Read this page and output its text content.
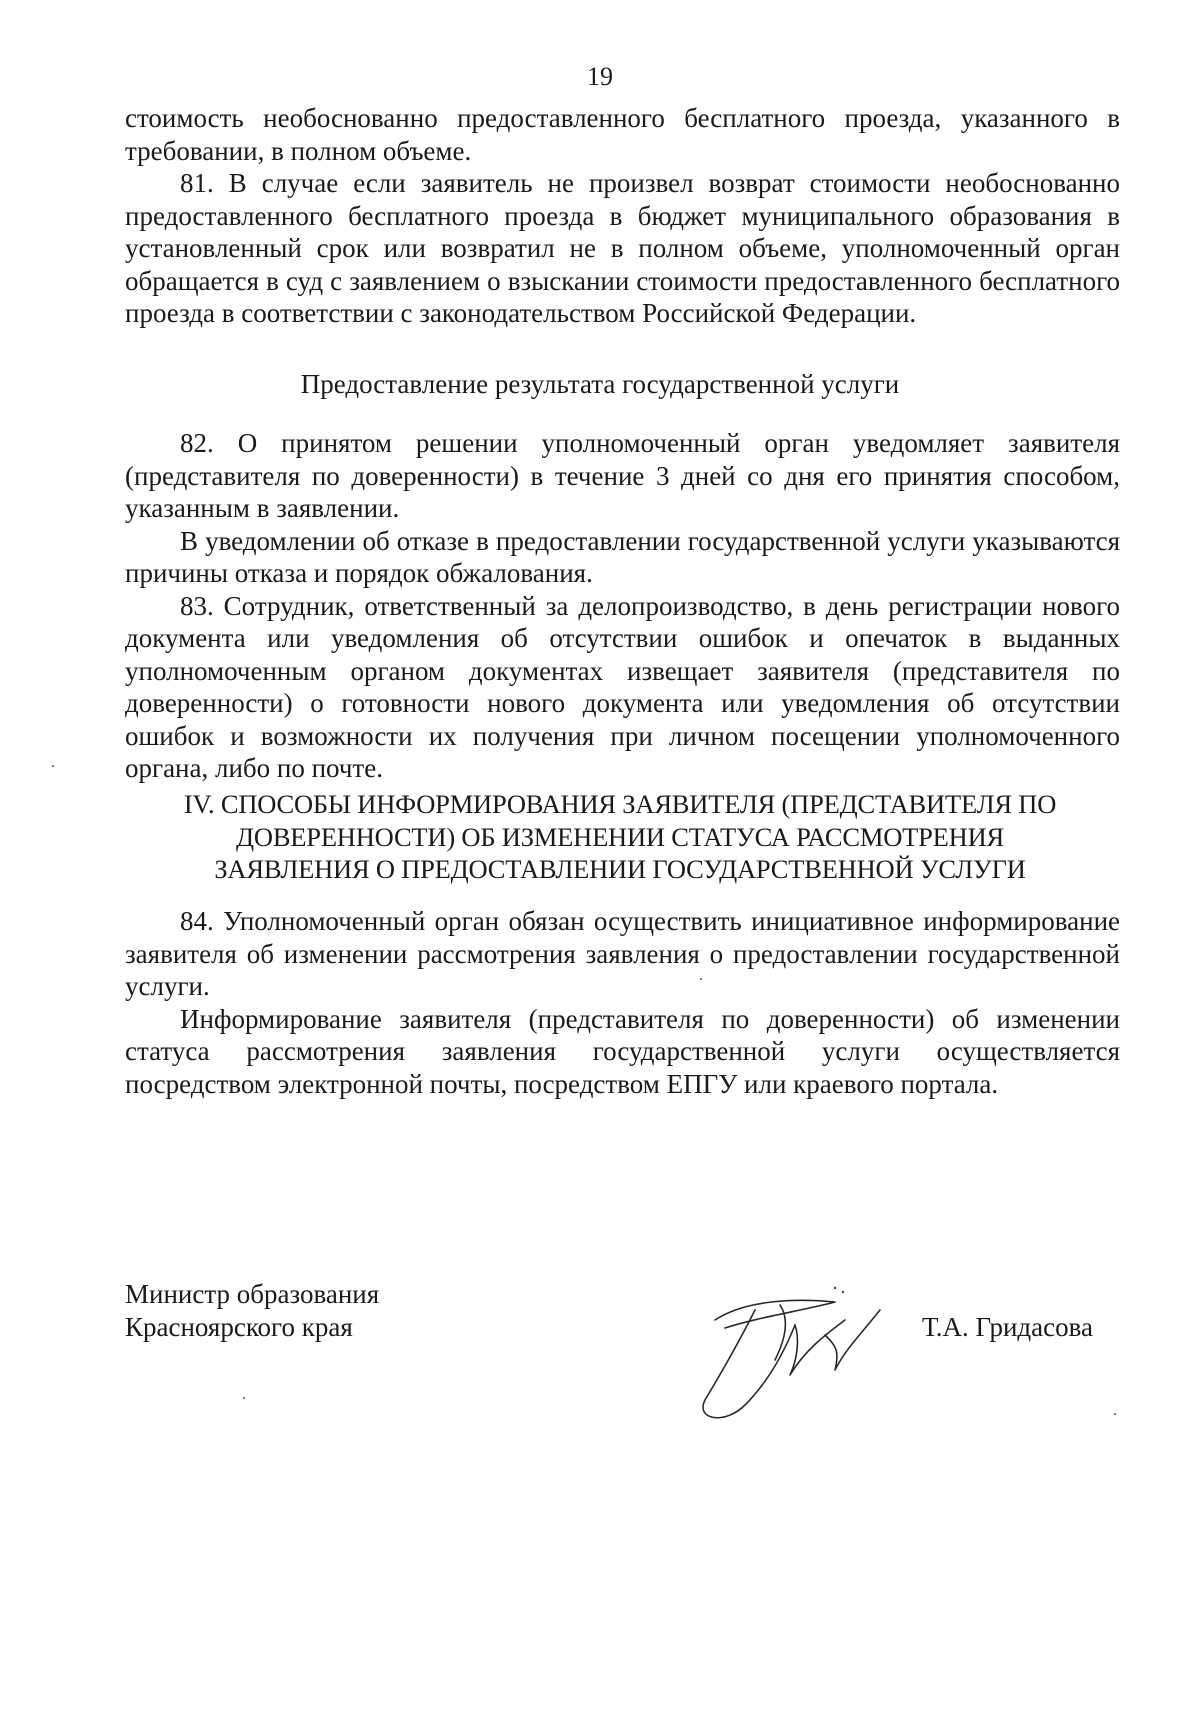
19

стоимость необоснованно предоставленного бесплатного проезда, указанного в требовании, в полном объеме.

81. В случае если заявитель не произвел возврат стоимости необоснованно предоставленного бесплатного проезда в бюджет муниципального образования в установленный срок или возвратил не в полном объеме, уполномоченный орган обращается в суд с заявлением о взыскании стоимости предоставленного бесплатного проезда в соответствии с законодательством Российской Федерации.

Предоставление результата государственной услуги

82. О принятом решении уполномоченный орган уведомляет заявителя (представителя по доверенности) в течение 3 дней со дня его принятия способом, указанным в заявлении.

В уведомлении об отказе в предоставлении государственной услуги указываются причины отказа и порядок обжалования.

83. Сотрудник, ответственный за делопроизводство, в день регистрации нового документа или уведомления об отсутствии ошибок и опечаток в выданных уполномоченным органом документах извещает заявителя (представителя по доверенности) о готовности нового документа или уведомления об отсутствии ошибок и возможности их получения при личном посещении уполномоченного органа, либо по почте.

IV. СПОСОБЫ ИНФОРМИРОВАНИЯ ЗАЯВИТЕЛЯ (ПРЕДСТАВИТЕЛЯ ПО
ДОВЕРЕННОСТИ) ОБ ИЗМЕНЕНИИ СТАТУСА РАССМОТРЕНИЯ
ЗАЯВЛЕНИЯ О ПРЕДОСТАВЛЕНИИ ГОСУДАРСТВЕННОЙ УСЛУГИ

84. Уполномоченный орган обязан осуществить инициативное информирование заявителя об изменении рассмотрения заявления о предоставлении государственной услуги.

Информирование заявителя (представителя по доверенности) об изменении статуса рассмотрения заявления государственной услуги осуществляется посредством электронной почты, посредством ЕПГУ или краевого портала.

Министр образования
Красноярского края	Т.А. Гридасова
